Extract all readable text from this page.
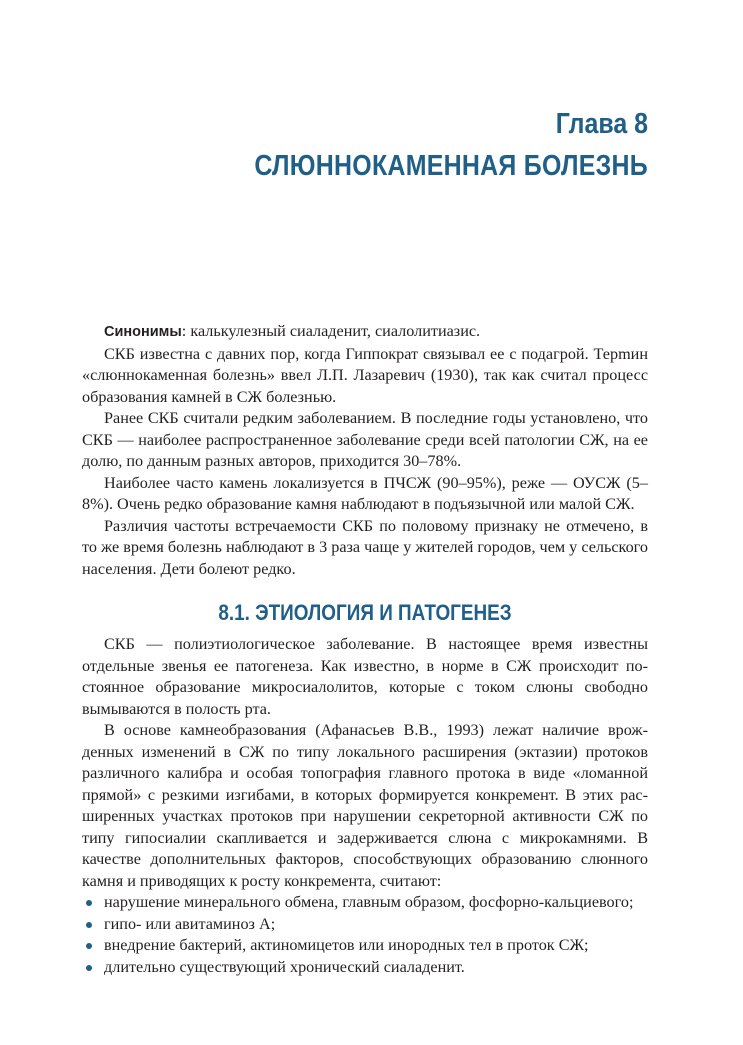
Глава 8
СЛЮННОКАМЕННАЯ БОЛЕЗНЬ

Синонимы: калькулезный сиаладенит, сиалолитиазис.

СКБ известна с давних пор, когда Гиппократ связывал ее с подагрой. Терmин «слюннокаменная болезнь» ввел Л.П. Лазаревич (1930), так как считал процесс образования камней в СЖ болезнью.

Ранее СКБ считали редким заболеванием. В последние годы установлено, что СКБ — наиболее распространенное заболевание среди всей патологии СЖ, на ее долю, по данным разных авторов, приходится 30–78%.

Наиболее часто камень локализуется в ПЧСЖ (90–95%), реже — ОУСЖ (5–8%). Очень редко образование камня наблюдают в подъязычной или малой СЖ.

Различия частоты встречаемости СКБ по половому признаку не отмечено, в то же время болезнь наблюдают в 3 раза чаще у жителей городов, чем у сельского населения. Дети болеют редко.

8.1. ЭТИОЛОГИЯ И ПАТОГЕНЕЗ

СКБ — полиэтиологическое заболевание. В настоящее время известны отдельные звенья ее патогенеза. Как известно, в норме в СЖ происходит постоянное образование микросиалолитов, которые с током слюны свободно вымываются в полость рта.

В основе камнеобразования (Афанасьев В.В., 1993) лежат наличие врожденных изменений в СЖ по типу локального расширения (эктазии) протоков различного калибра и особая топография главного протока в виде «ломанной прямой» с резкими изгибами, в которых формируется конкремент. В этих расширенных участках протоков при нарушении секреторной активности СЖ по типу гипосиалии скапливается и задерживается слюна с микрокамнями. В качестве дополнительных факторов, способствующих образованию слюнного камня и приводящих к росту конкремента, считают:

нарушение минерального обмена, главным образом, фосфорно-кальциевого;
гипо- или авитаминоз А;
внедрение бактерий, актиномицетов или инородных тел в проток СЖ;
длительно существующий хронический сиаладенит.
